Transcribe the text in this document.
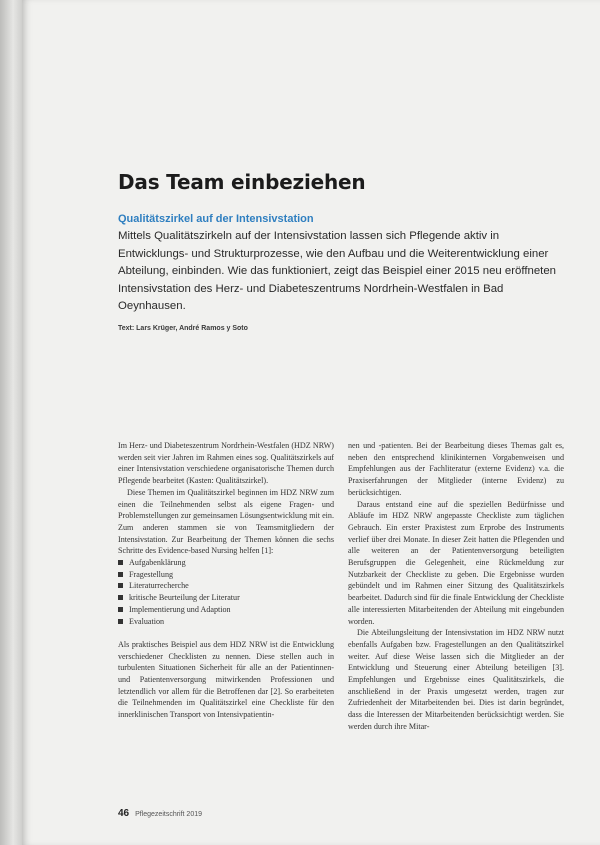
Das Team einbeziehen
Qualitätszirkel auf der Intensivstation

Mittels Qualitätszirkeln auf der Intensivstation lassen sich Pflegende aktiv in Entwicklungs- und Strukturprozesse, wie den Aufbau und die Weiterentwicklung einer Abteilung, einbinden. Wie das funktioniert, zeigt das Beispiel einer 2015 neu eröffneten Intensivstation des Herz- und Diabeteszentrums Nordrhein-Westfalen in Bad Oeynhausen.

Text: Lars Krüger, André Ramos y Soto

Im Herz- und Diabeteszentrum Nordrhein-Westfalen (HDZ NRW) werden seit vier Jahren im Rahmen eines sog. Qualitätszirkels auf einer Intensivstation verschiedene organisatorische Themen durch Pflegende bearbeitet (Kasten: Qualitätszirkel).

Diese Themen im Qualitätszirkel beginnen im HDZ NRW zum einen die Teilnehmenden selbst als eigene Fragen- und Problemstellungen zur gemeinsamen Lösungsentwicklung mit ein. Zum anderen stammen sie von Teamsmitgliedern der Intensivstation. Zur Bearbeitung der Themen können die sechs Schritte des Evidence-based Nursing helfen [1]:

Aufgabenklärung
Fragestellung
Literaturrecherche
kritische Beurteilung der Literatur
Implementierung und Adaption
Evaluation

Als praktisches Beispiel aus dem HDZ NRW ist die Entwicklung verschiedener Checklisten zu nennen. Diese stellen auch in turbulenten Situationen Sicherheit für alle an der Patientinnen- und Patientenversorgung mitwirkenden Professionen und letztendlich vor allem für die Betroffenen dar [2]. So erarbeiteten die Teilnehmenden im Qualitätszirkel eine Checkliste für den innerklinischen Transport von Intensivpatientin-

nen und -patienten. Bei der Bearbeitung dieses Themas galt es, neben den entsprechend klinikinternen Vorgabenweisen und Empfehlungen aus der Fachliteratur (externe Evidenz) v.a. die Praxiserfahrungen der Mitglieder (interne Evidenz) zu berücksichtigen.

Daraus entstand eine auf die speziellen Bedürfnisse und Abläufe im HDZ NRW angepasste Checkliste zum täglichen Gebrauch. Ein erster Praxistest zum Erprobe des Instruments verlief über drei Monate. In dieser Zeit hatten die Pflegenden und alle weiteren an der Patientenversorgung beteiligten Berufsgruppen die Gelegenheit, eine Rückmeldung zur Nutzbarkeit der Checkliste zu geben. Die Ergebnisse wurden gebündelt und im Rahmen einer Sitzung des Qualitätszirkels bearbeitet. Dadurch sind für die finale Entwicklung der Checkliste alle interessierten Mitarbeitenden der Abteilung mit eingebunden worden.

Die Abteilungsleitung der Intensivstation im HDZ NRW nutzt ebenfalls Aufgaben bzw. Fragestellungen an den Qualitätszirkel weiter. Auf diese Weise lassen sich die Mitglieder an der Entwicklung und Steuerung einer Abteilung beteiligen [3]. Empfehlungen und Ergebnisse eines Qualitätszirkels, die anschließend in der Praxis umgesetzt werden, tragen zur Zufriedenheit der Mitarbeitenden bei. Dies ist darin begründet, dass die Interessen der Mitarbeitenden berücksichtigt werden. Sie werden durch ihre Mitar-

46 Pflegezeitschrift 2019
